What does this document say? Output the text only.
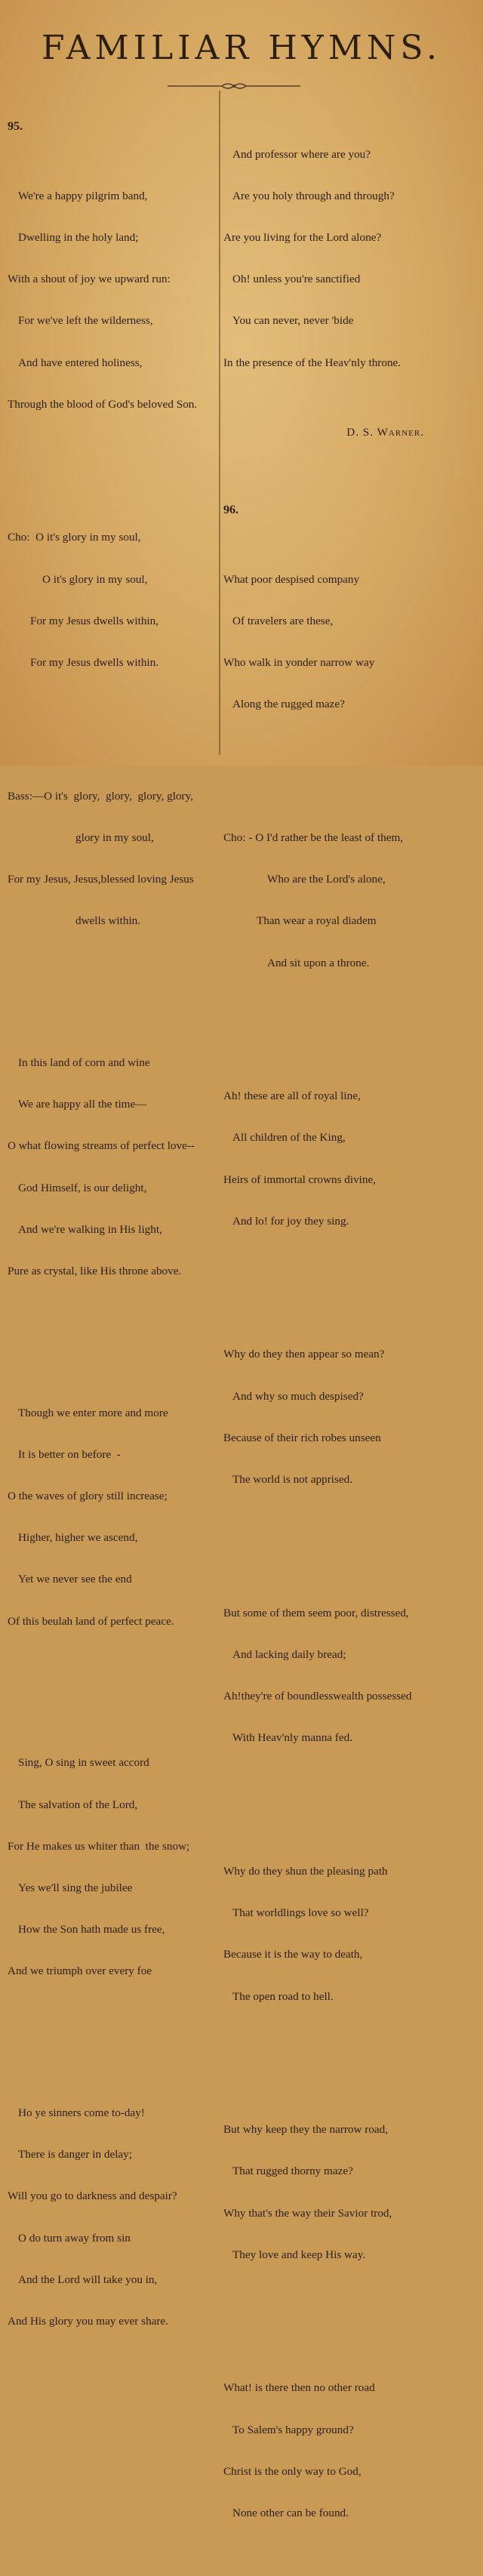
FAMILIAR HYMNS.

95.

We're a happy pilgrim band,

Dwelling in the holy land;

With a shout of joy we upward run:

For we've left the wilderness,

And have entered holiness,

Through the blood of God's beloved Son.

Cho:  O it's glory in my soul,

O it's glory in my soul,

For my Jesus dwells within,

For my Jesus dwells within.

Bass:—O it's  glory,  glory,  glory, glory,

glory in my soul,

For my Jesus, Jesus,blessed loving Jesus

dwells within.

In this land of corn and wine

We are happy all the time—

O what flowing streams of perfect love--

God Himself, is our delight,

And we're walking in His light,

Pure as crystal, like His throne above.

Though we enter more and more

It is better on before  -

O the waves of glory still increase;

Higher, higher we ascend,

Yet we never see the end

Of this beulah land of perfect peace.

Sing, O sing in sweet accord

The salvation of the Lord,

For He makes us whiter than  the snow;

Yes we'll sing the jubilee

How the Son hath made us free,

And we triumph over every foe

Ho ye sinners come to-day!

There is danger in delay;

Will you go to darkness and despair?

O do turn away from sin

And the Lord will take you in,

And His glory you may ever share.

And professor where are you?

Are you holy through and through?

Are you living for the Lord alone?

Oh! unless you're sanctified

You can never, never 'bide

In the presence of the Heav'nly throne.

D. S. Warner.

96.

What poor despised company

Of travelers are these,

Who walk in yonder narrow way

Along the rugged maze?

Cho: - O I'd rather be the least of them,

Who are the Lord's alone,

Than wear a royal diadem

And sit upon a throne.

Ah! these are all of royal line,

All children of the King,

Heirs of immortal crowns divine,

And lo! for joy they sing.

Why do they then appear so mean?

And why so much despised?

Because of their rich robes unseen

The world is not apprised.

But some of them seem poor, distressed,

And lacking daily bread;

Ah!they're of boundlesswealth possessed

With Heav'nly manna fed.

Why do they shun the pleasing path

That worldlings love so well?

Because it is the way to death,

The open road to hell.

But why keep they the narrow road,

That rugged thorny maze?

Why that's the way their Savior trod,

They love and keep His way.

What! is there then no other road

To Salem's happy ground?

Christ is the only way to God,

None other can be found.
